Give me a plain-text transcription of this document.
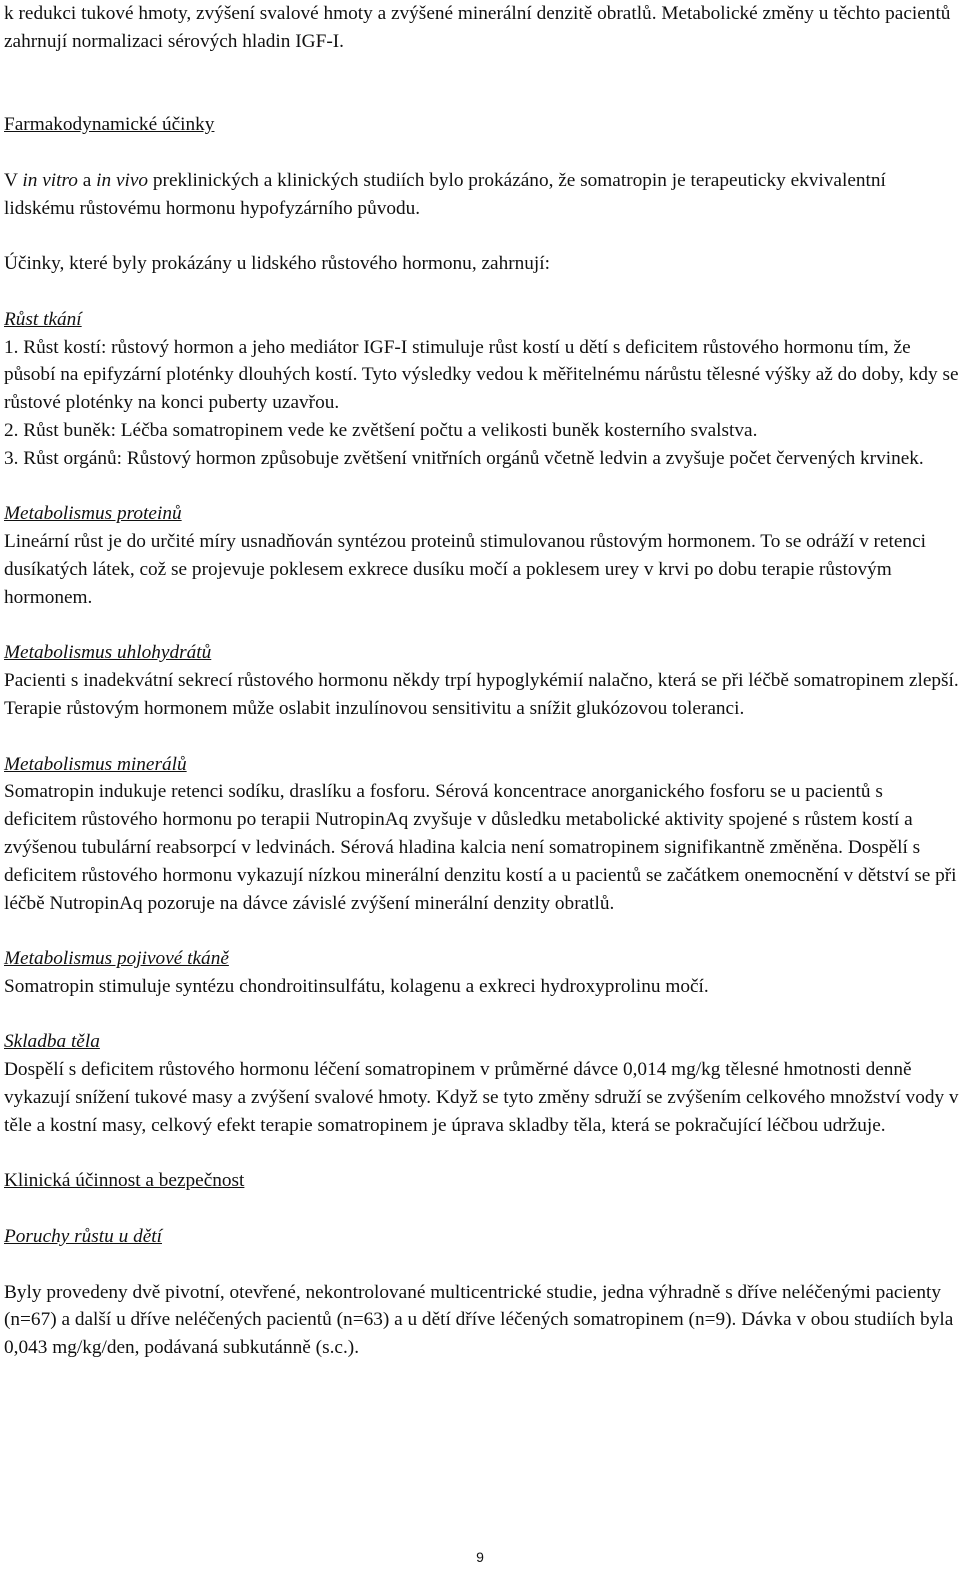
k redukci tukové hmoty, zvýšení svalové hmoty a zvýšené minerální denzitě obratlů. Metabolické změny u těchto pacientů zahrnují normalizaci sérových hladin IGF-I.

Farmakodynamické účinky

V in vitro a in vivo preklinických a klinických studiích bylo prokázáno, že somatropin je terapeuticky ekvivalentní lidskému růstovému hormonu hypofyzárního původu.

Účinky, které byly prokázány u lidského růstového hormonu, zahrnují:

Růst tkání

1. Růst kostí: růstový hormon a jeho mediátor IGF-I stimuluje růst kostí u dětí s deficitem růstového hormonu tím, že působí na epifyzární ploténky dlouhých kostí. Tyto výsledky vedou k měřitelnému nárůstu tělesné výšky až do doby, kdy se růstové ploténky na konci puberty uzavřou.

2. Růst buněk: Léčba somatropinem vede ke zvětšení počtu a velikosti buněk kosterního svalstva.

3. Růst orgánů: Růstový hormon způsobuje zvětšení vnitřních orgánů včetně ledvin a zvyšuje počet červených krvinek.

Metabolismus proteinů

Lineární růst je do určité míry usnadňován syntézou proteinů stimulovanou růstovým hormonem. To se odráží v retenci dusíkatých látek, což se projevuje poklesem exkrece dusíku močí a poklesem urey v krvi po dobu terapie růstovým hormonem.

Metabolismus uhlohydrátů

Pacienti s inadekvátní sekrecí růstového hormonu někdy trpí hypoglykémií nalačno, která se při léčbě somatropinem zlepší. Terapie růstovým hormonem může oslabit inzulínovou sensitivitu a snížit glukózovou toleranci.

Metabolismus minerálů

Somatropin indukuje retenci sodíku, draslíku a fosforu. Sérová koncentrace anorganického fosforu se u pacientů s deficitem růstového hormonu po terapii NutropinAq zvyšuje v důsledku metabolické aktivity spojené s růstem kostí a zvýšenou tubulární reabsorpcí v ledvinách. Sérová hladina kalcia není somatropinem signifikantně změněna. Dospělí s deficitem růstového hormonu vykazují nízkou minerální denzitu kostí a u pacientů se začátkem onemocnění v dětství se při léčbě NutropinAq pozoruje na dávce závislé zvýšení minerální denzity obratlů.

Metabolismus pojivové tkáně

Somatropin stimuluje syntézu chondroitinsulfátu, kolagenu a exkreci hydroxyprolinu močí.

Skladba těla

Dospělí s deficitem růstového hormonu léčení somatropinem v průměrné dávce 0,014 mg/kg tělesné hmotnosti denně vykazují snížení tukové masy a zvýšení svalové hmoty. Když se tyto změny sdruží se zvýšením celkového množství vody v těle a kostní masy, celkový efekt terapie somatropinem je úprava skladby těla, která se pokračující léčbou udržuje.

Klinická účinnost a bezpečnost

Poruchy růstu u dětí

Byly provedeny dvě pivotní, otevřené, nekontrolované multicentrické studie, jedna výhradně s dříve neléčenými pacienty (n=67) a další u dříve neléčených pacientů (n=63) a u dětí dříve léčených somatropinem (n=9). Dávka v obou studiích byla 0,043 mg/kg/den, podávaná subkutánně (s.c.).

9
